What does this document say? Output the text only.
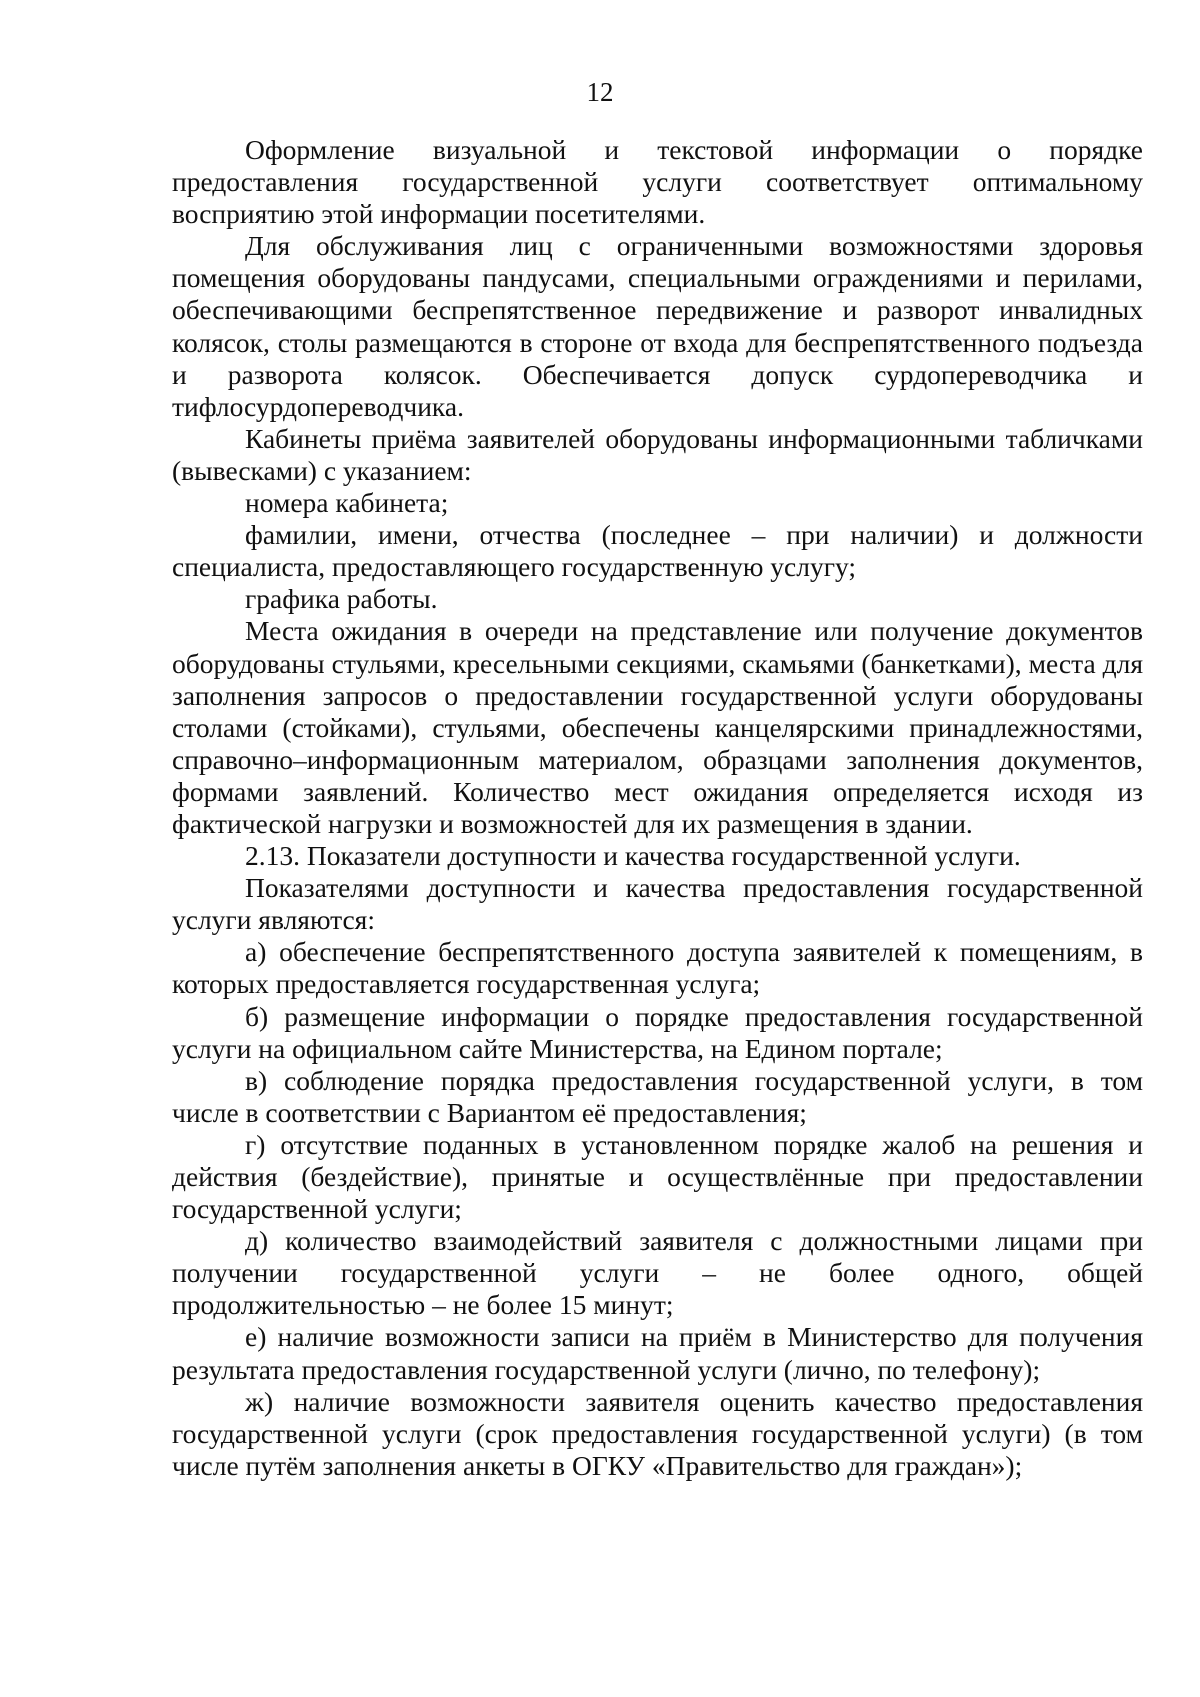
12

Оформление визуальной и текстовой информации о порядке предоставления государственной услуги соответствует оптимальному восприятию этой информации посетителями.

Для обслуживания лиц с ограниченными возможностями здоровья помещения оборудованы пандусами, специальными ограждениями и перилами, обеспечивающими беспрепятственное передвижение и разворот инвалидных колясок, столы размещаются в стороне от входа для беспрепятственного подъезда и разворота колясок. Обеспечивается допуск сурдопереводчика и тифлосурдопереводчика.

Кабинеты приёма заявителей оборудованы информационными табличками (вывесками) с указанием:

номера кабинета;

фамилии, имени, отчества (последнее – при наличии) и должности специалиста, предоставляющего государственную услугу;

графика работы.

Места ожидания в очереди на представление или получение документов оборудованы стульями, кресельными секциями, скамьями (банкетками), места для заполнения запросов о предоставлении государственной услуги оборудованы столами (стойками), стульями, обеспечены канцелярскими принадлежностями, справочно–информационным материалом, образцами заполнения документов, формами заявлений. Количество мест ожидания определяется исходя из фактической нагрузки и возможностей для их размещения в здании.

2.13. Показатели доступности и качества государственной услуги.

Показателями доступности и качества предоставления государственной услуги являются:

а) обеспечение беспрепятственного доступа заявителей к помещениям, в которых предоставляется государственная услуга;

б) размещение информации о порядке предоставления государственной услуги на официальном сайте Министерства, на Едином портале;

в) соблюдение порядка предоставления государственной услуги, в том числе в соответствии с Вариантом её предоставления;

г) отсутствие поданных в установленном порядке жалоб на решения и действия (бездействие), принятые и осуществлённые при предоставлении государственной услуги;

д) количество взаимодействий заявителя с должностными лицами при получении государственной услуги – не более одного, общей продолжительностью – не более 15 минут;

е) наличие возможности записи на приём в Министерство для получения результата предоставления государственной услуги (лично, по телефону);

ж) наличие возможности заявителя оценить качество предоставления государственной услуги (срок предоставления государственной услуги) (в том числе путём заполнения анкеты в ОГКУ «Правительство для граждан»);
